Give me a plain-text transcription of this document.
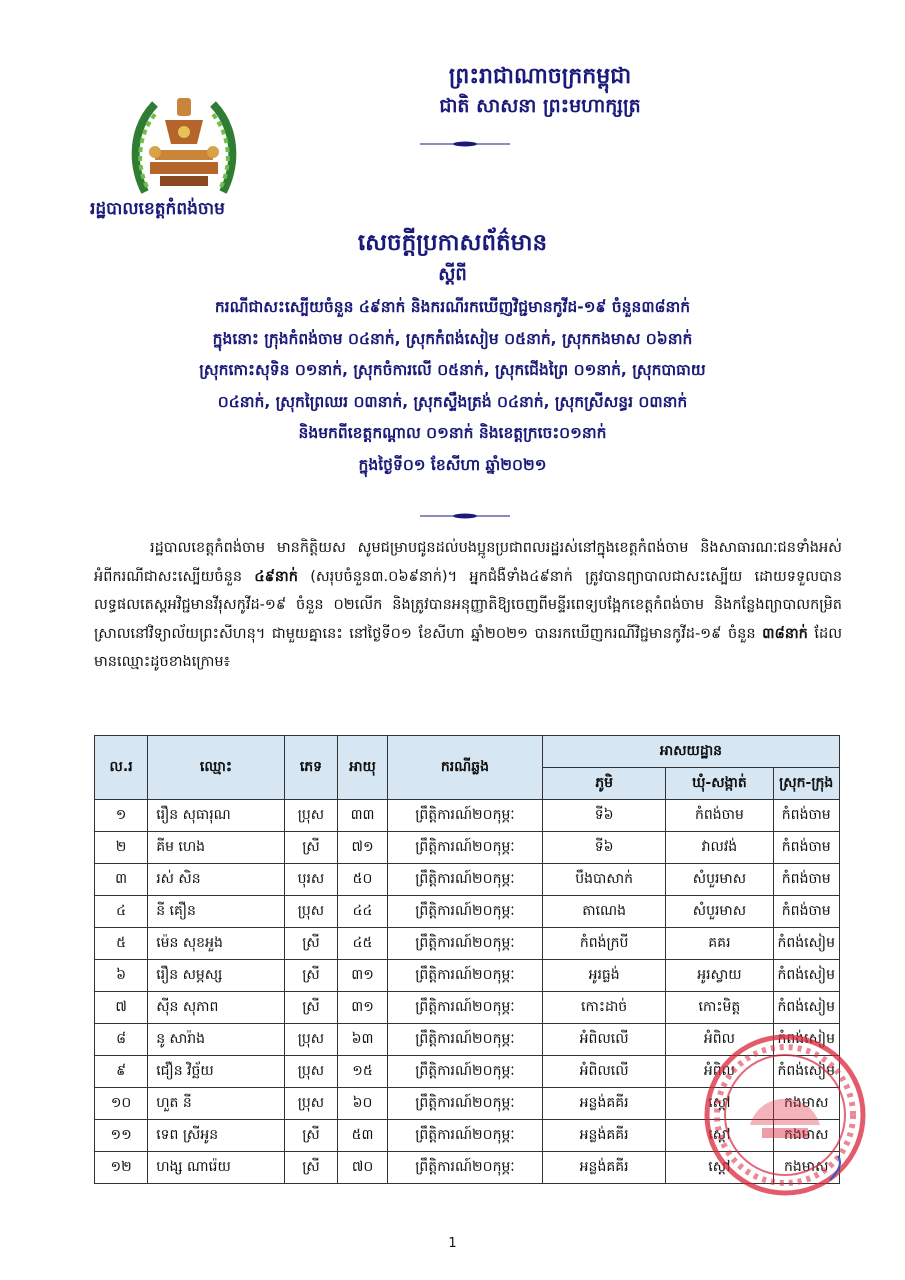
ព្រះរាជាណាចក្រកម្ពុជា
ជាតិ សាសនា ព្រះមហាក្សត្រ
រដ្ឋបាលខេត្តកំពង់ចាម
សេចក្តីប្រកាសព័ត៌មាន
ស្តីពី
ករណីជាសះស្បើយចំនួន ៤៩នាក់ និងករណីរកឃើញវិជ្ជមានកូវីដ-១៩ ចំនួន៣៨នាក់
ក្នុងនោះ ក្រុងកំពង់ចាម ០៤នាក់, ស្រុកកំពង់សៀម ០៥នាក់, ស្រុកកងមាស ០៦នាក់
ស្រុកកោះសុទិន ០១នាក់, ស្រុកចំការលើ ០៥នាក់, ស្រុកជើងព្រៃ ០១នាក់, ស្រុកបាធាយ
០៤នាក់, ស្រុកព្រៃឈរ ០៣នាក់, ស្រុកស្ទឹងត្រង់ ០៤នាក់, ស្រុកស្រីសន្ធរ ០៣នាក់
និងមកពីខេត្តកណ្តាល ០១នាក់ និងខេត្តក្រចេះ០១នាក់
ក្នុងថ្ងៃទី០១ ខែសីហា ឆ្នាំ២០២១
រដ្ឋបាលខេត្តកំពង់ចាម មានកិត្តិយស សូមជម្រាបជូនដល់បងប្អូនប្រជាពលរដ្ឋរស់នៅក្នុងខេត្តកំពង់ចាម និងសាធារណៈជនទាំងអស់ អំពីករណីជាសះស្បើយចំនួន ៤៩នាក់ (សរុបចំនួន៣.០៦៩នាក់)។ អ្នកជំងឺទាំង៤៩នាក់ ត្រូវបានព្យាបាលជាសះស្បើយ ដោយទទួលបានលទ្ធផលតេស្តអវិជ្ជមានវីរុសកូវីដ-១៩ ចំនួន ០២លើក និងត្រូវបានអនុញ្ញាតិឱ្យចេញពីមន្ទីរពេទ្យបង្អែកខេត្តកំពង់ចាម និងកន្លែងព្យាបាលកម្រិតស្រាលនៅវិទ្យាល័យព្រះសីហនុ។ ជាមួយគ្នានេះ នៅថ្ងៃទី០១ ខែសីហា ឆ្នាំ២០២១ បានរកឃើញករណីវិជ្ជមានកូវីដ-១៩ ចំនួន ៣៨នាក់ ដែលមានឈ្មោះដូចខាងក្រោម៖
ល.រ	ឈ្មោះ	ភេទ	អាយុ	ករណីឆ្លង	អាសយដ្ឋាន		
					ភូមិ	ឃុំ-សង្កាត់	ស្រុក-ក្រុង
១	រឿន សុធារុណ	ប្រុស	៣៣	ព្រឹត្តិការណ៍២០កុម្ភៈ	ទី៦	កំពង់ចាម	កំពង់ចាម
២	គីម ហេង	ស្រី	៧១	ព្រឹត្តិការណ៍២០កុម្ភៈ	ទី៦	វាលវង់	កំពង់ចាម
៣	រស់ សិន	បុរស	៥០	ព្រឹត្តិការណ៍២០កុម្ភៈ	បឹងបាសាក់	សំបួរមាស	កំពង់ចាម
៤	នី គឿន	ប្រុស	៤៤	ព្រឹត្តិការណ៍២០កុម្ភៈ	តាណេង	សំបួរមាស	កំពង់ចាម
៥	ម៉េន សុខអួង	ស្រី	៤៥	ព្រឹត្តិការណ៍២០កុម្ភៈ	កំពង់ក្របី	គគរ	កំពង់សៀម
៦	រឿន សម្ភស្ស	ស្រី	៣១	ព្រឹត្តិការណ៍២០កុម្ភៈ	អូរធ្លង់	អូរស្វាយ	កំពង់សៀម
៧	ស៊ីន សុភាព	ស្រី	៣១	ព្រឹត្តិការណ៍២០កុម្ភៈ	កោះដាច់	កោះមិត្ត	កំពង់សៀម
៨	នូ សារ៉ាង	ប្រុស	៦៣	ព្រឹត្តិការណ៍២០កុម្ភៈ	អំពិលលើ	អំពិល	កំពង់សៀម
៩	ជឿន វិច្ឆ័យ	ប្រុស	១៥	ព្រឹត្តិការណ៍២០កុម្ភៈ	អំពិលលើ	អំពិល	កំពង់សៀម
១០	ហួត នី	ប្រុស	៦០	ព្រឹត្តិការណ៍២០កុម្ភៈ	អន្លង់គគីរ	ស្តៅ	កងមាស
១១	ទេព ស្រីអូន	ស្រី	៥៣	ព្រឹត្តិការណ៍២០កុម្ភៈ	អន្លង់គគីរ	ស្តៅ	កងមាស
១២	ហង្ស ណារ៉េយ	ស្រី	៧០	ព្រឹត្តិការណ៍២០កុម្ភៈ	អន្លង់គគីរ	ស្តៅ	កងមាស
1
